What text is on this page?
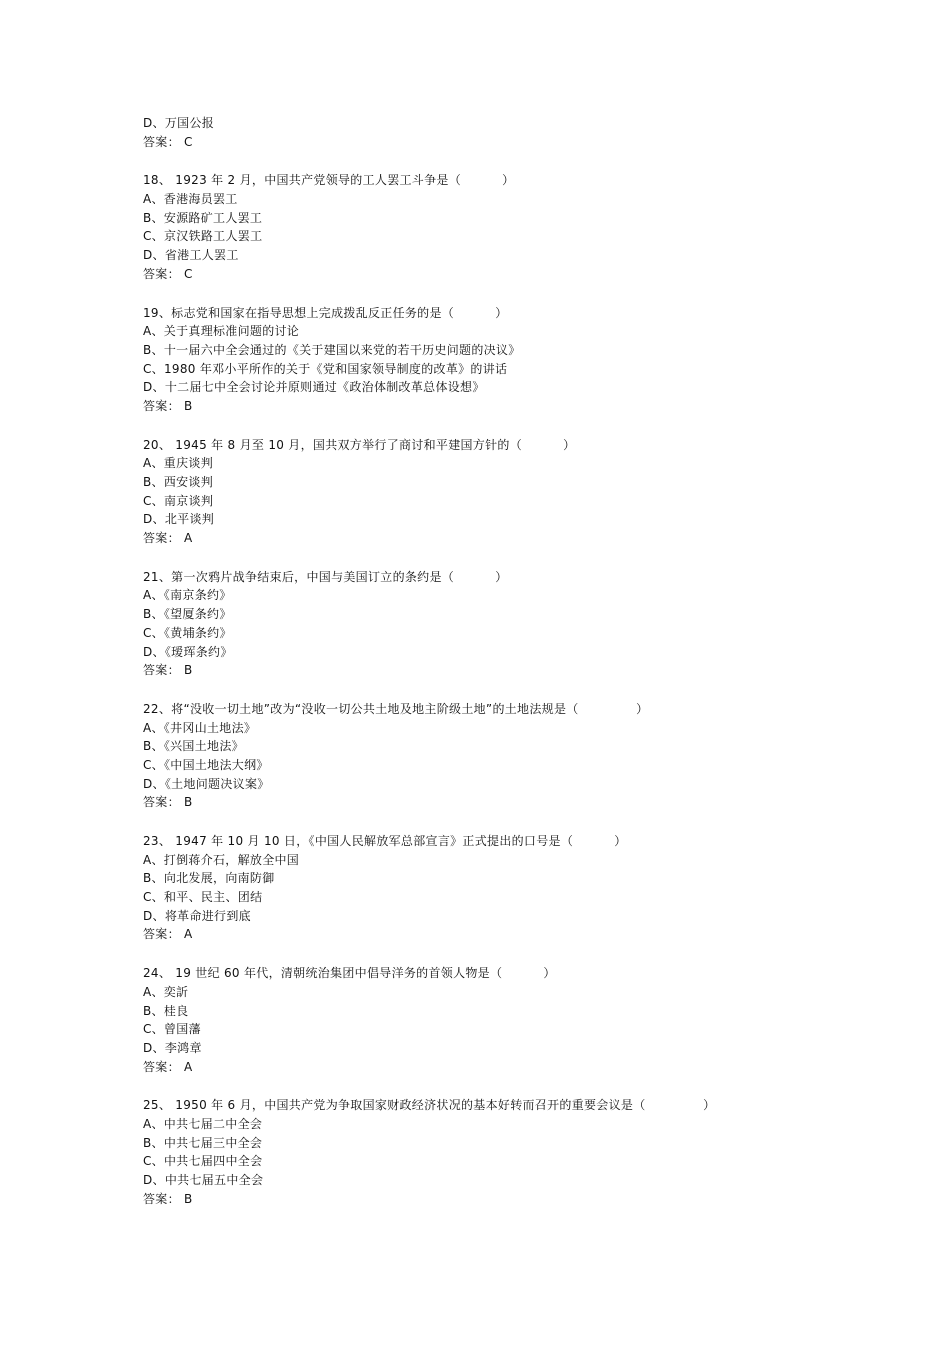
D、万国公报
答案： C
18、 1923 年 2 月，中国共产党领导的工人罢工斗争是（          ）
A、香港海员罢工
B、安源路矿工人罢工
C、京汉铁路工人罢工
D、省港工人罢工
答案： C
19、标志党和国家在指导思想上完成拨乱反正任务的是（          ）
A、关于真理标准问题的讨论
B、十一届六中全会通过的《关于建国以来党的若干历史问题的决议》
C、1980 年邓小平所作的关于《党和国家领导制度的改革》的讲话
D、十二届七中全会讨论并原则通过《政治体制改革总体设想》
答案： B
20、 1945 年 8 月至 10 月，国共双方举行了商讨和平建国方针的（          ）
A、重庆谈判
B、西安谈判
C、南京谈判
D、北平谈判
答案： A
21、第一次鸦片战争结束后，中国与美国订立的条约是（          ）
A、《南京条约》
B、《望厦条约》
C、《黄埔条约》
D、《瑷珲条约》
答案： B
22、将“没收一切土地”改为“没收一切公共土地及地主阶级土地”的土地法规是（              ）
A、《井冈山土地法》
B、《兴国土地法》
C、《中国土地法大纲》
D、《土地问题决议案》
答案： B
23、 1947 年 10 月 10 日，《中国人民解放军总部宣言》正式提出的口号是（          ）
A、打倒蒋介石，解放全中国
B、向北发展，向南防御
C、和平、民主、团结
D、将革命进行到底
答案： A
24、 19 世纪 60 年代，清朝统治集团中倡导洋务的首领人物是（          ）
A、奕訢
B、桂良
C、曾国藩
D、李鸿章
答案： A
25、 1950 年 6 月，中国共产党为争取国家财政经济状况的基本好转而召开的重要会议是（              ）
A、中共七届二中全会
B、中共七届三中全会
C、中共七届四中全会
D、中共七届五中全会
答案： B
